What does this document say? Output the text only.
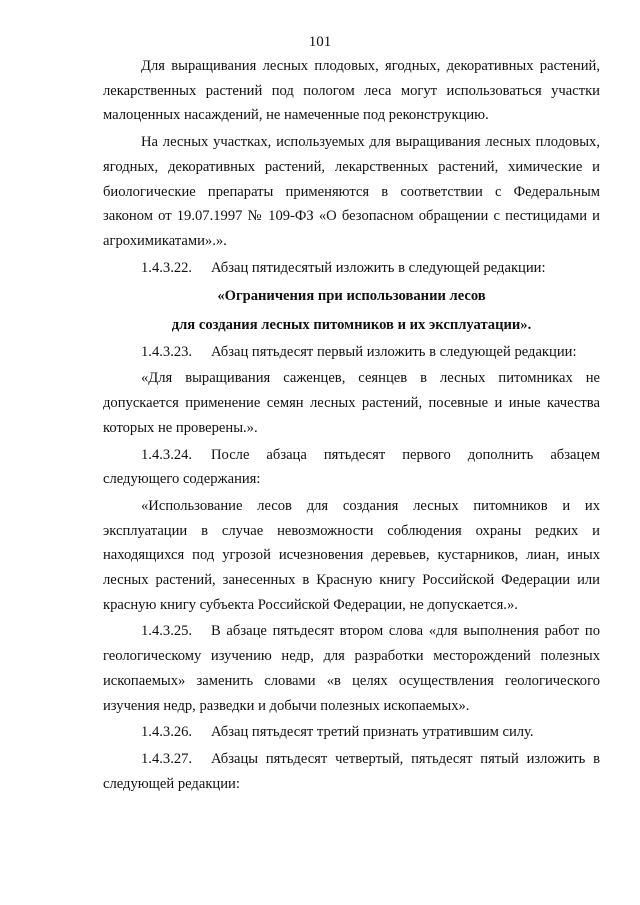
101

Для выращивания лесных плодовых, ягодных, декоративных растений, лекарственных растений под пологом леса могут использоваться участки малоценных насаждений, не намеченные под реконструкцию.

На лесных участках, используемых для выращивания лесных плодовых, ягодных, декоративных растений, лекарственных растений, химические и биологические препараты применяются в соответствии с Федеральным законом от 19.07.1997 № 109-ФЗ «О безопасном обращении с пестицидами и агрохимикатами».».

1.4.3.22. Абзац пятидесятый изложить в следующей редакции:

«Ограничения при использовании лесов

для создания лесных питомников и их эксплуатации».

1.4.3.23. Абзац пятьдесят первый изложить в следующей редакции:

«Для выращивания саженцев, сеянцев в лесных питомниках не допускается применение семян лесных растений, посевные и иные качества которых не проверены.».

1.4.3.24. После абзаца пятьдесят первого дополнить абзацем следующего содержания:

«Использование лесов для создания лесных питомников и их эксплуатации в случае невозможности соблюдения охраны редких и находящихся под угрозой исчезновения деревьев, кустарников, лиан, иных лесных растений, занесенных в Красную книгу Российской Федерации или красную книгу субъекта Российской Федерации, не допускается.».

1.4.3.25. В абзаце пятьдесят втором слова «для выполнения работ по геологическому изучению недр, для разработки месторождений полезных ископаемых» заменить словами «в целях осуществления геологического изучения недр, разведки и добычи полезных ископаемых».

1.4.3.26. Абзац пятьдесят третий признать утратившим силу.

1.4.3.27. Абзацы пятьдесят четвертый, пятьдесят пятый изложить в следующей редакции:
